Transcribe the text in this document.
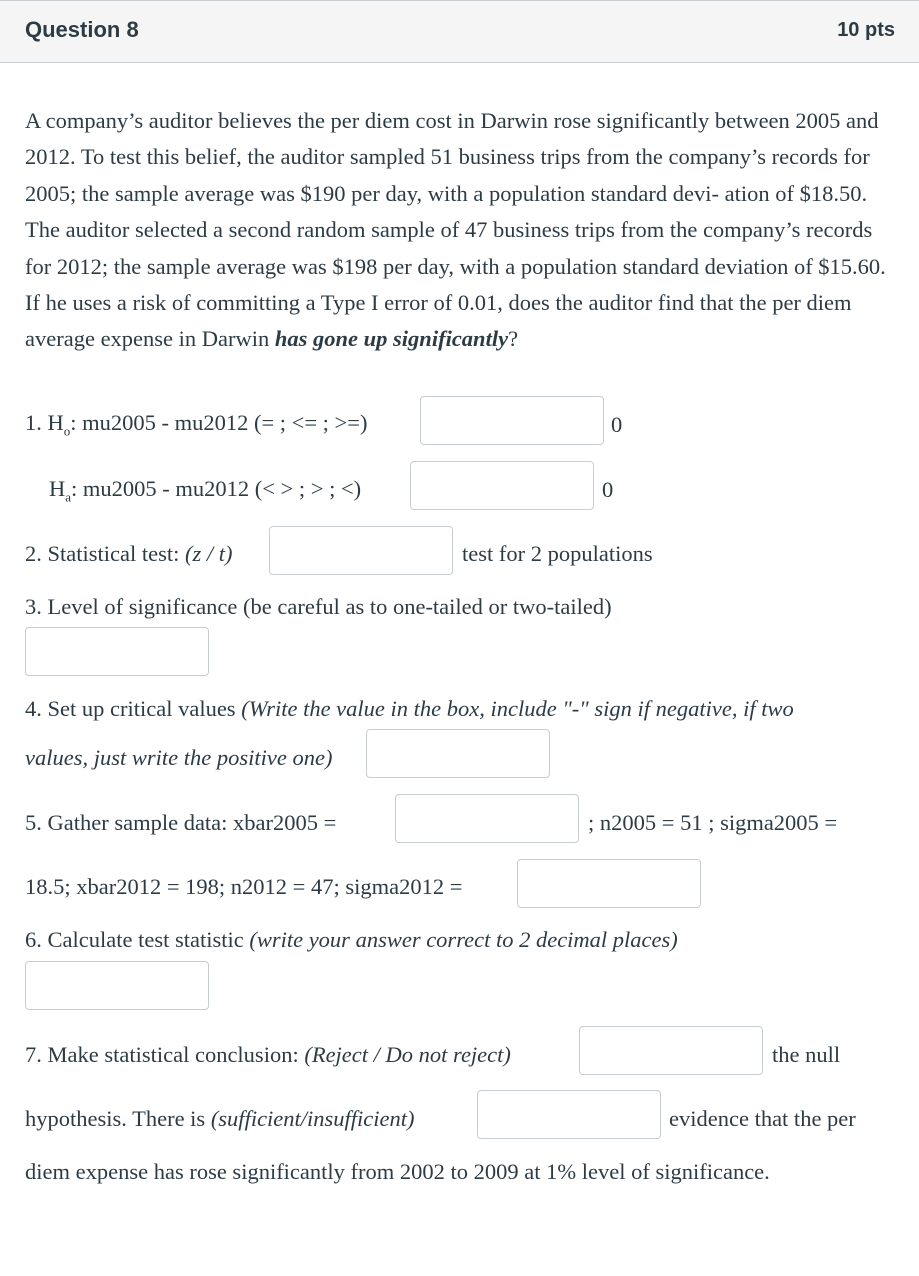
Question 8	10 pts
A company’s auditor believes the per diem cost in Darwin rose significantly between 2005 and 2012. To test this belief, the auditor sampled 51 business trips from the company’s records for 2005; the sample average was $190 per day, with a population standard devi- ation of $18.50. The auditor selected a second random sample of 47 business trips from the company’s records for 2012; the sample average was $198 per day, with a population standard deviation of $15.60. If he uses a risk of committing a Type I error of 0.01, does the auditor find that the per diem average expense in Darwin has gone up significantly?
1. $H_o$: mu2005 - mu2012 (= ; <= ; >=)	0
$H_a$: mu2005 - mu2012 (< > ; > ; <)	0
2. Statistical test: (z / t)	test for 2 populations
3. Level of significance (be careful as to one-tailed or two-tailed)
4. Set up critical values (Write the value in the box, include "-" sign if negative, if two
values, just write the positive one)
5. Gather sample data: xbar2005 =	; n2005 = 51 ; sigma2005 =
18.5; xbar2012 = 198; n2012 = 47; sigma2012 =
6. Calculate test statistic (write your answer correct to 2 decimal places)
7. Make statistical conclusion: (Reject / Do not reject)	the null
hypothesis. There is (sufficient/insufficient)	evidence that the per
diem expense has rose significantly from 2002 to 2009 at 1% level of significance.
